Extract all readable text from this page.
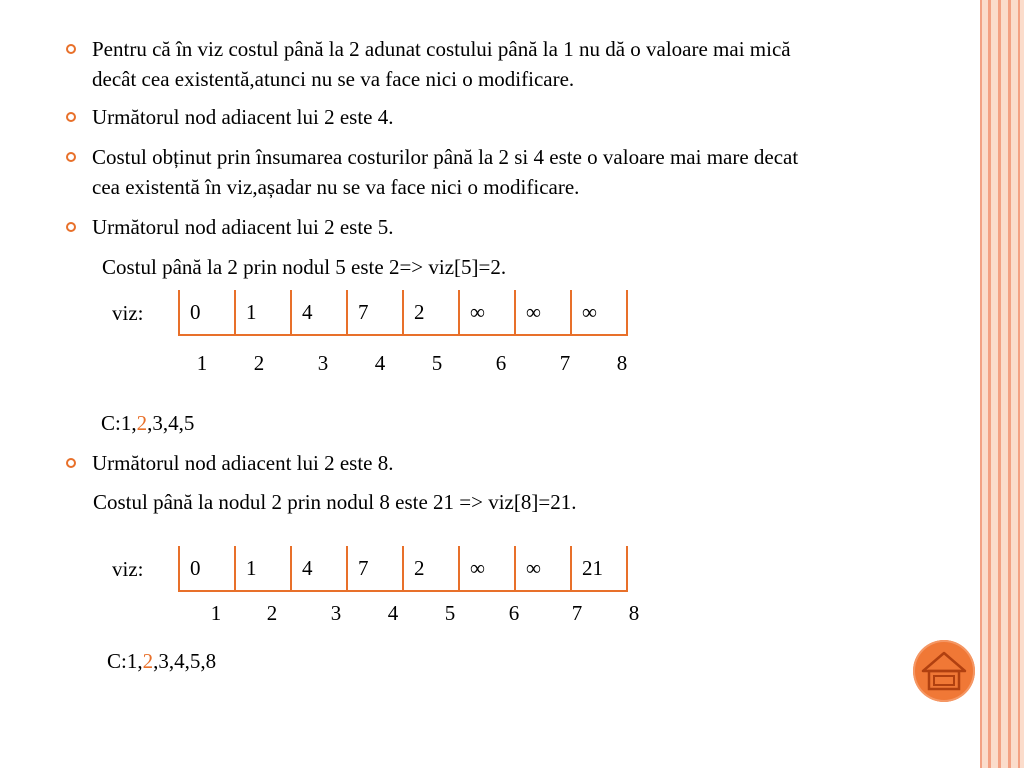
Pentru că în viz costul până la 2 adunat costului până la 1 nu dă o valoare mai mică
decât cea existentă,atunci nu se va face nici o modificare.
Următorul nod adiacent lui 2 este 4.
Costul obținut prin însumarea costurilor până la 2 si 4 este o valoare mai mare decat
cea existentă în viz,așadar nu se va face nici o modificare.
Următorul nod adiacent lui 2 este 5.
Costul până la 2 prin nodul 5 este 2=> viz[5]=2.
viz:	0	1	4	7	2	∞	∞	∞
1 2	3 4 5	6	7 8
C:1,2,3,4,5
Următorul nod adiacent lui 2 este 8.
Costul până la nodul 2 prin nodul 8 este 21 => viz[8]=21.
viz:	0	1	4	7	2	∞	∞	21
1 2	3 4 5	6	7 8
C:1,2,3,4,5,8
